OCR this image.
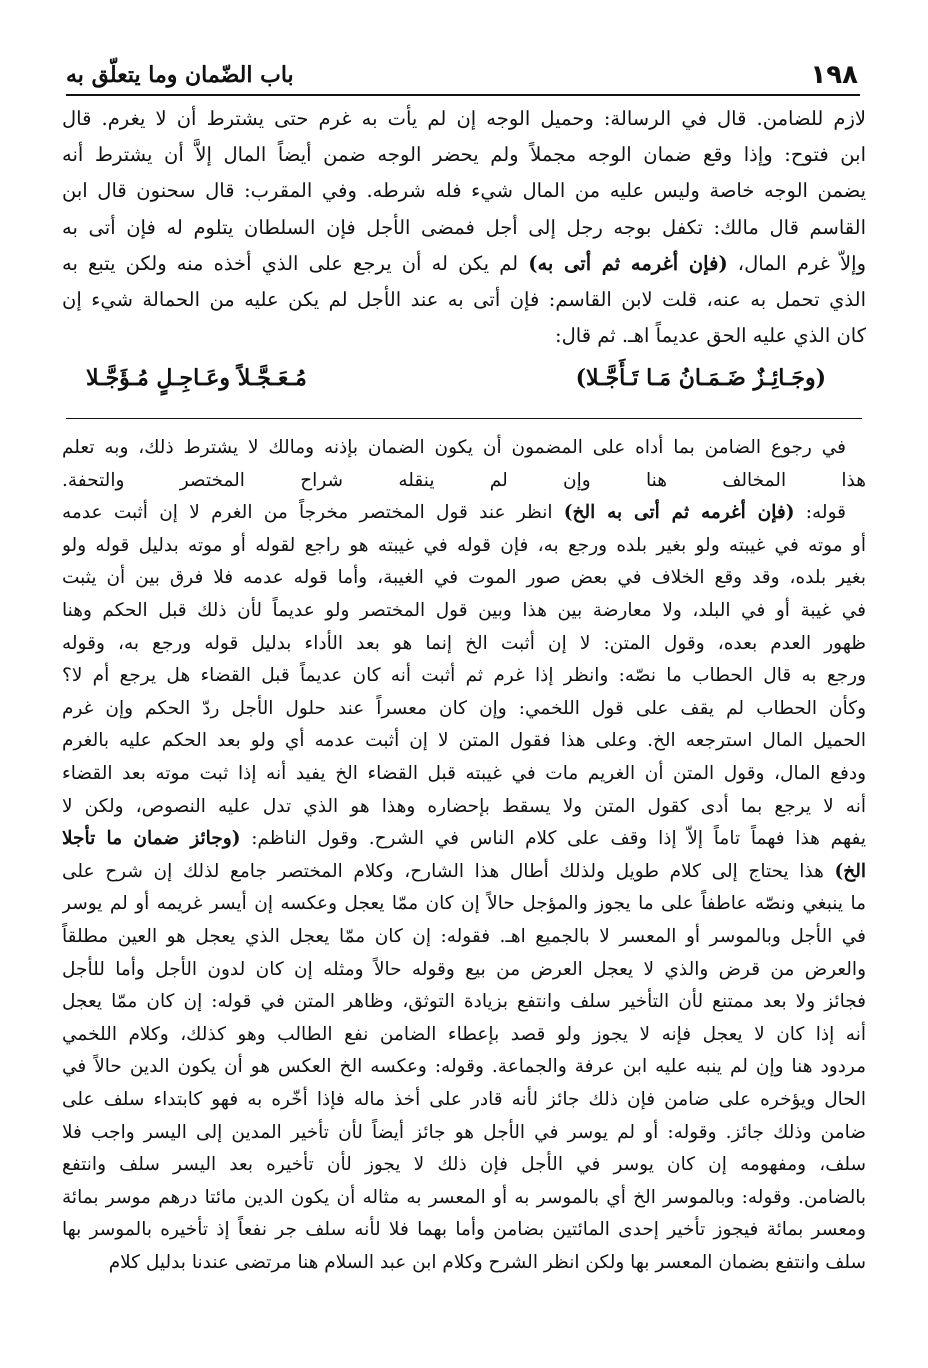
١٩٨
باب الضّمان وما يتعلّق به
لازم للضامن. قال في الرسالة: وحميل الوجه إن لم يأت به غرم حتى يشترط أن لا يغرم. قال
ابن فتوح: وإذا وقع ضمان الوجه مجملاً ولم يحضر الوجه ضمن أيضاً المال إلاَّ أن يشترط أنه
يضمن الوجه خاصة وليس عليه من المال شيء فله شرطه. وفي المقرب: قال سحنون قال ابن
القاسم قال مالك: تكفل بوجه رجل إلى أجل فمضى الأجل فإن السلطان يتلوم له فإن أتى به
وإلاّ غرم المال، (فإن أغرمه ثم أتى به) لم يكن له أن يرجع على الذي أخذه منه ولكن يتبع به
الذي تحمل به عنه، قلت لابن القاسم: فإن أتى به عند الأجل لم يكن عليه من الحمالة شيء إن
كان الذي عليه الحق عديماً اهـ. ثم قال:
(وجَـائِـزٌ ضَـمَـانُ مَـا تَـأَجَّـلا)
مُـعَـجَّـلاً وعَـاجِـلٍ مُـؤَجَّـلا
في رجوع الضامن بما أداه على المضمون أن يكون الضمان بإذنه ومالك لا يشترط ذلك، وبه تعلم
هذا المخالف هنا وإن لم ينقله شراح المختصر والتحفة.
قوله: (فإن أغرمه ثم أتى به الخ) انظر عند قول المختصر مخرجاً من الغرم لا إن أثبت عدمه
أو موته في غيبته ولو بغير بلده ورجع به، فإن قوله في غيبته هو راجع لقوله أو موته بدليل قوله ولو
بغير بلده، وقد وقع الخلاف في بعض صور الموت في الغيبة، وأما قوله عدمه فلا فرق بين أن يثبت
في غيبة أو في البلد، ولا معارضة بين هذا وبين قول المختصر ولو عديماً لأن ذلك قبل الحكم وهنا
ظهور العدم بعده، وقول المتن: لا إن أثبت الخ إنما هو بعد الأداء بدليل قوله ورجع به، وقوله
ورجع به قال الحطاب ما نصّه: وانظر إذا غرم ثم أثبت أنه كان عديماً قبل القضاء هل يرجع أم لا؟
وكأن الحطاب لم يقف على قول اللخمي: وإن كان معسراً عند حلول الأجل ردّ الحكم وإن غرم
الحميل المال استرجعه الخ. وعلى هذا فقول المتن لا إن أثبت عدمه أي ولو بعد الحكم عليه بالغرم
ودفع المال، وقول المتن أن الغريم مات في غيبته قبل القضاء الخ يفيد أنه إذا ثبت موته بعد القضاء
أنه لا يرجع بما أدى كقول المتن ولا يسقط بإحضاره وهذا هو الذي تدل عليه النصوص، ولكن لا
يفهم هذا فهماً تاماً إلاّ إذا وقف على كلام الناس في الشرح. وقول الناظم: (وجائز ضمان ما تأجلا
الخ) هذا يحتاج إلى كلام طويل ولذلك أطال هذا الشارح، وكلام المختصر جامع لذلك إن شرح على
ما ينبغي ونصّه عاطفاً على ما يجوز والمؤجل حالاً إن كان ممّا يعجل وعكسه إن أيسر غريمه أو لم يوسر
في الأجل وبالموسر أو المعسر لا بالجميع اهـ. فقوله: إن كان ممّا يعجل الذي يعجل هو العين مطلقاً
والعرض من قرض والذي لا يعجل العرض من بيع وقوله حالاً ومثله إن كان لدون الأجل وأما للأجل
فجائز ولا بعد ممتنع لأن التأخير سلف وانتفع بزيادة التوثق، وظاهر المتن في قوله: إن كان ممّا يعجل
أنه إذا كان لا يعجل فإنه لا يجوز ولو قصد بإعطاء الضامن نفع الطالب وهو كذلك، وكلام اللخمي
مردود هنا وإن لم ينبه عليه ابن عرفة والجماعة. وقوله: وعكسه الخ العكس هو أن يكون الدين حالاً في
الحال ويؤخره على ضامن فإن ذلك جائز لأنه قادر على أخذ ماله فإذا أخّره به فهو كابتداء سلف على
ضامن وذلك جائز. وقوله: أو لم يوسر في الأجل هو جائز أيضاً لأن تأخير المدين إلى اليسر واجب فلا
سلف، ومفهومه إن كان يوسر في الأجل فإن ذلك لا يجوز لأن تأخيره بعد اليسر سلف وانتفع
بالضامن. وقوله: وبالموسر الخ أي بالموسر به أو المعسر به مثاله أن يكون الدين مائتا درهم موسر بمائة
ومعسر بمائة فيجوز تأخير إحدى المائتين بضامن وأما بهما فلا لأنه سلف جر نفعاً إذ تأخيره بالموسر بها
سلف وانتفع بضمان المعسر بها ولكن انظر الشرح وكلام ابن عبد السلام هنا مرتضى عندنا بدليل كلام
